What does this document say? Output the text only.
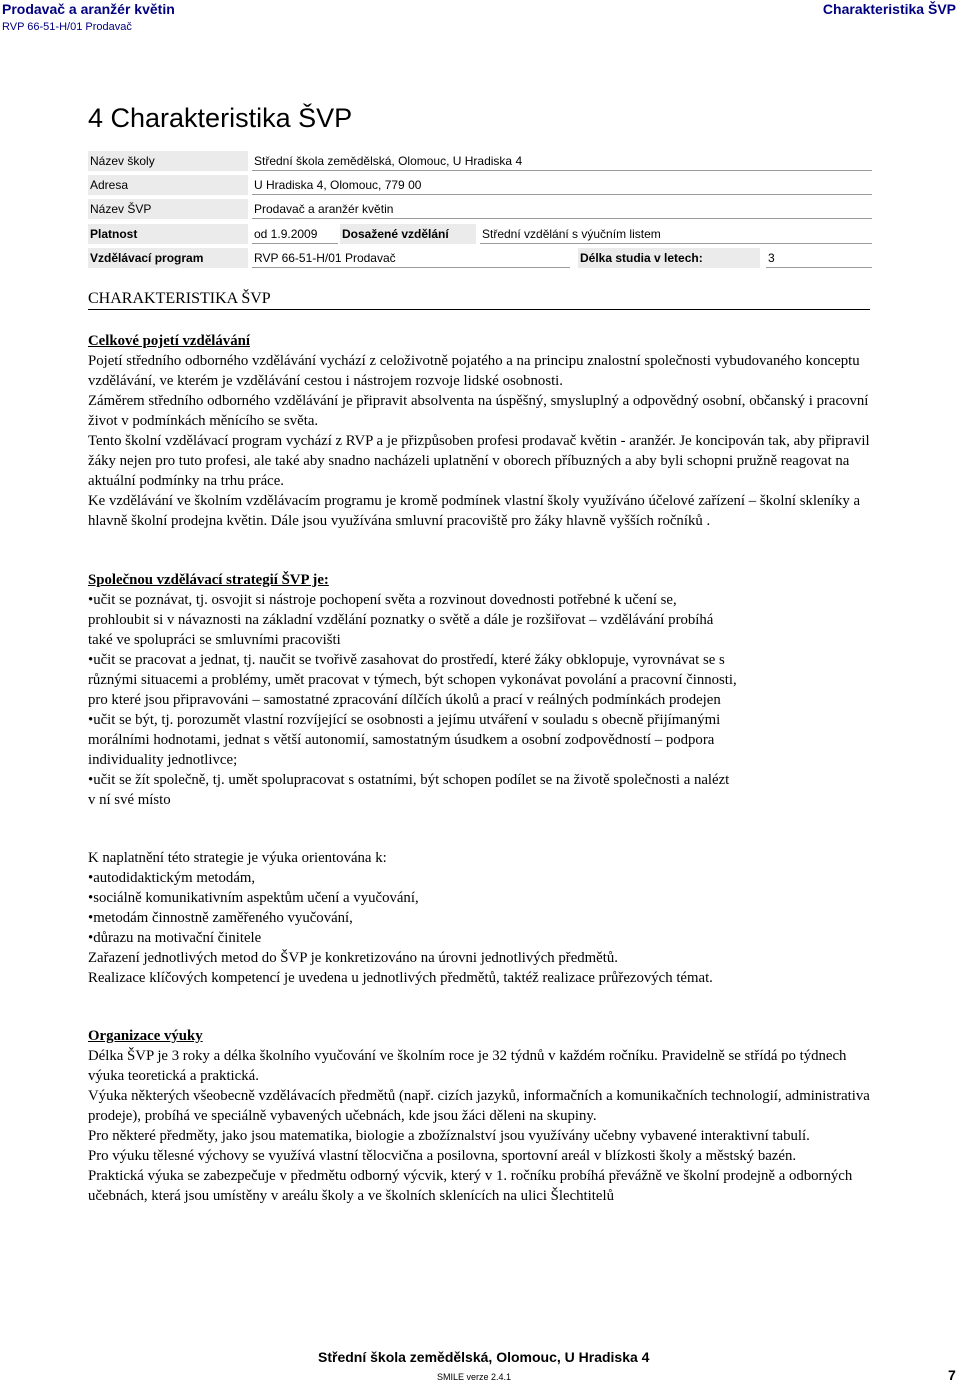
Prodavač a aranžér květin
RVP 66-51-H/01 Prodavač
Charakteristika ŠVP
4 Charakteristika ŠVP
Název školy	Střední škola zemědělská, Olomouc, U Hradiska 4
Adresa	U Hradiska 4, Olomouc, 779 00
Název ŠVP	Prodavač a aranžér květin
Platnost	od 1.9.2009	Dosažené vzdělání	Střední vzdělání s výučním listem
Vzdělávací program	RVP 66-51-H/01 Prodavač	Délka studia v letech:	3
CHARAKTERISTIKA ŠVP

Celkové pojetí vzdělávání

Pojetí středního odborného vzdělávání vychází z celoživotně pojatého a na principu znalostní společnosti vybudovaného konceptu vzdělávání, ve kterém je vzdělávání cestou i nástrojem rozvoje lidské osobnosti.

Záměrem středního odborného vzdělávání je připravit absolventa na úspěšný, smysluplný a odpovědný osobní, občanský i pracovní život v podmínkách měnícího se světa.

Tento školní vzdělávací program vychází z RVP a je přizpůsoben profesi prodavač květin - aranžér. Je koncipován tak, aby připravil žáky nejen pro tuto profesi, ale také aby snadno nacházeli uplatnění v oborech příbuzných a aby byli schopni pružně reagovat na aktuální podmínky na trhu práce.

Ke vzdělávání ve školním vzdělávacím programu je kromě podmínek vlastní školy využíváno účelové zařízení – školní skleníky a hlavně školní prodejna květin. Dále jsou využívána smluvní pracoviště pro žáky hlavně vyšších ročníků .

Společnou vzdělávací strategií ŠVP je:

•učit se poznávat, tj. osvojit si nástroje pochopení světa a rozvinout dovednosti potřebné k učení se, prohloubit si v návaznosti na základní vzdělání poznatky o světě a dále je rozšiřovat – vzdělávání probíhá také ve spolupráci se smluvními pracovišti

•učit se pracovat a jednat, tj. naučit se tvořivě zasahovat do prostředí, které žáky obklopuje, vyrovnávat se s různými situacemi a problémy, umět pracovat v týmech, být schopen vykonávat povolání a pracovní činnosti, pro které jsou připravováni – samostatné zpracování dílčích úkolů a prací v reálných podmínkách prodejen

•učit se být, tj. porozumět vlastní rozvíjející se osobnosti a jejímu utváření v souladu s obecně přijímanými morálními hodnotami, jednat s větší autonomií, samostatným úsudkem a osobní zodpovědností – podpora individuality jednotlivce;

•učit se žít společně, tj. umět spolupracovat s ostatními, být schopen podílet se na životě společnosti a nalézt v ní své místo

K naplatnění této strategie je výuka orientována k:

•autodidaktickým metodám,

•sociálně komunikativním aspektům učení a vyučování,

•metodám činnostně zaměřeného vyučování,

•důrazu na motivační činitele

Zařazení jednotlivých metod do ŠVP je konkretizováno na úrovni jednotlivých předmětů.

Realizace klíčových kompetencí je uvedena u jednotlivých předmětů, taktéž realizace průřezových témat.

Organizace výuky

Délka ŠVP je 3 roky a délka školního vyučování ve školním roce je 32 týdnů v každém ročníku. Pravidelně se střídá po týdnech výuka teoretická a praktická.

Výuka některých všeobecně vzdělávacích předmětů (např. cizích jazyků, informačních a komunikačních technologií, administrativa prodeje), probíhá ve speciálně vybavených učebnách, kde jsou žáci děleni na skupiny.

Pro některé předměty, jako jsou matematika, biologie a zbožíznalství jsou využívány učebny vybavené interaktivní tabulí.

Pro výuku tělesné výchovy se využívá vlastní tělocvična a posilovna, sportovní areál v blízkosti školy a městský bazén.

Praktická výuka se zabezpečuje v předmětu odborný výcvik, který v 1. ročníku probíhá převážně ve školní prodejně a odborných učebnách, která jsou umístěny v areálu školy a ve školních sklenících na ulici Šlechtitelů

Střední škola zemědělská, Olomouc, U Hradiska 4
SMILE verze 2.4.1	7
